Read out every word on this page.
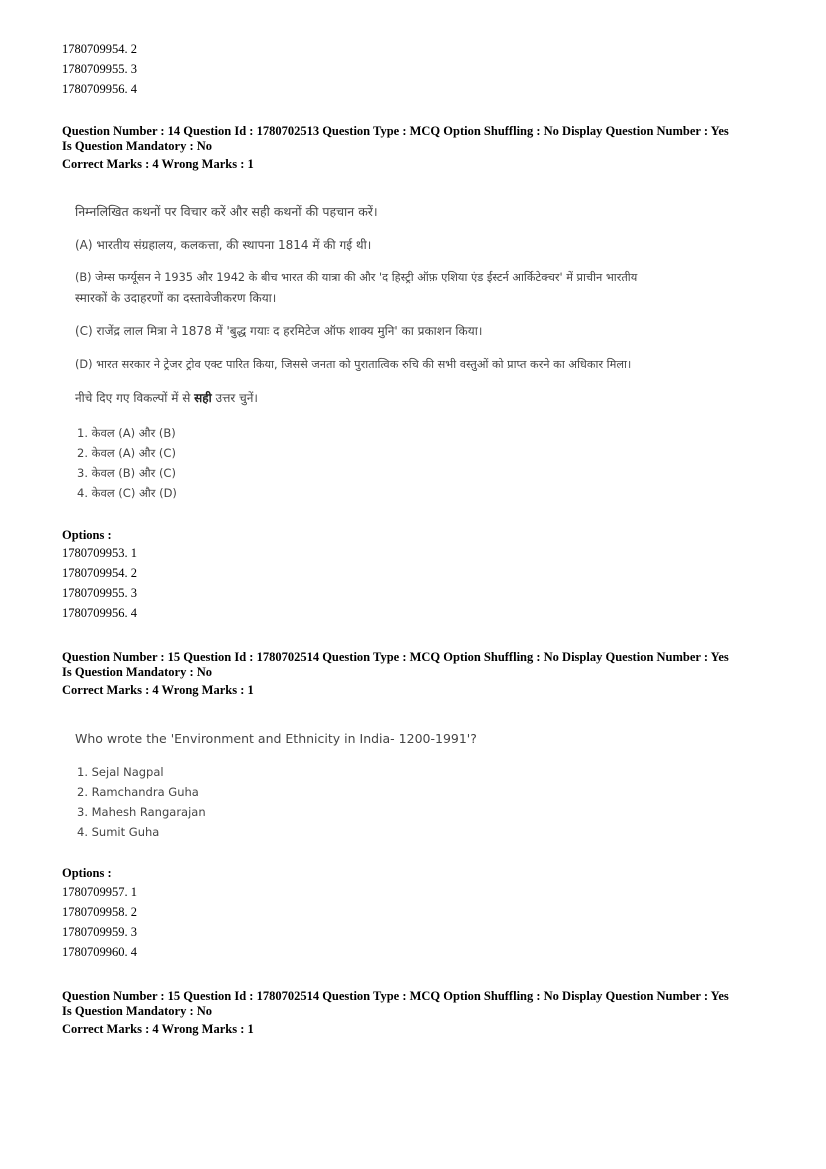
1780709954. 2
1780709955. 3
1780709956. 4
Question Number : 14 Question Id : 1780702513 Question Type : MCQ Option Shuffling : No Display Question Number : Yes
Is Question Mandatory : No
Correct Marks : 4 Wrong Marks : 1
निम्नलिखित कथनों पर विचार करें और सही कथनों की पहचान करें।
(A) भारतीय संग्रहालय, कलकत्ता, की स्थापना 1814 में की गई थी।
(B) जेम्स फर्ग्यूसन ने 1935 और 1942 के बीच भारत की यात्रा की और 'द हिस्ट्री ऑफ़ एशिया एंड ईस्टर्न आर्किटेक्चर' में प्राचीन भारतीय
स्मारकों के उदाहरणों का दस्तावेजीकरण किया।
(C) राजेंद्र लाल मित्रा ने 1878 में 'बुद्ध गयाः द हरमिटेज ऑफ शाक्य मुनि' का प्रकाशन किया।
(D) भारत सरकार ने ट्रेजर ट्रोव एक्ट पारित किया, जिससे जनता को पुरातात्विक रुचि की सभी वस्तुओं को प्राप्त करने का अधिकार मिला।
नीचे दिए गए विकल्पों में से सही उत्तर चुनें।
1. केवल (A) और (B)
2. केवल (A) और (C)
3. केवल (B) और (C)
4. केवल (C) और (D)
Options :
1780709953. 1
1780709954. 2
1780709955. 3
1780709956. 4
Question Number : 15 Question Id : 1780702514 Question Type : MCQ Option Shuffling : No Display Question Number : Yes
Is Question Mandatory : No
Correct Marks : 4 Wrong Marks : 1
Who wrote the 'Environment and Ethnicity in India- 1200-1991'?
1. Sejal Nagpal
2. Ramchandra Guha
3. Mahesh Rangarajan
4. Sumit Guha
Options :
1780709957. 1
1780709958. 2
1780709959. 3
1780709960. 4
Question Number : 15 Question Id : 1780702514 Question Type : MCQ Option Shuffling : No Display Question Number : Yes
Is Question Mandatory : No
Correct Marks : 4 Wrong Marks : 1
